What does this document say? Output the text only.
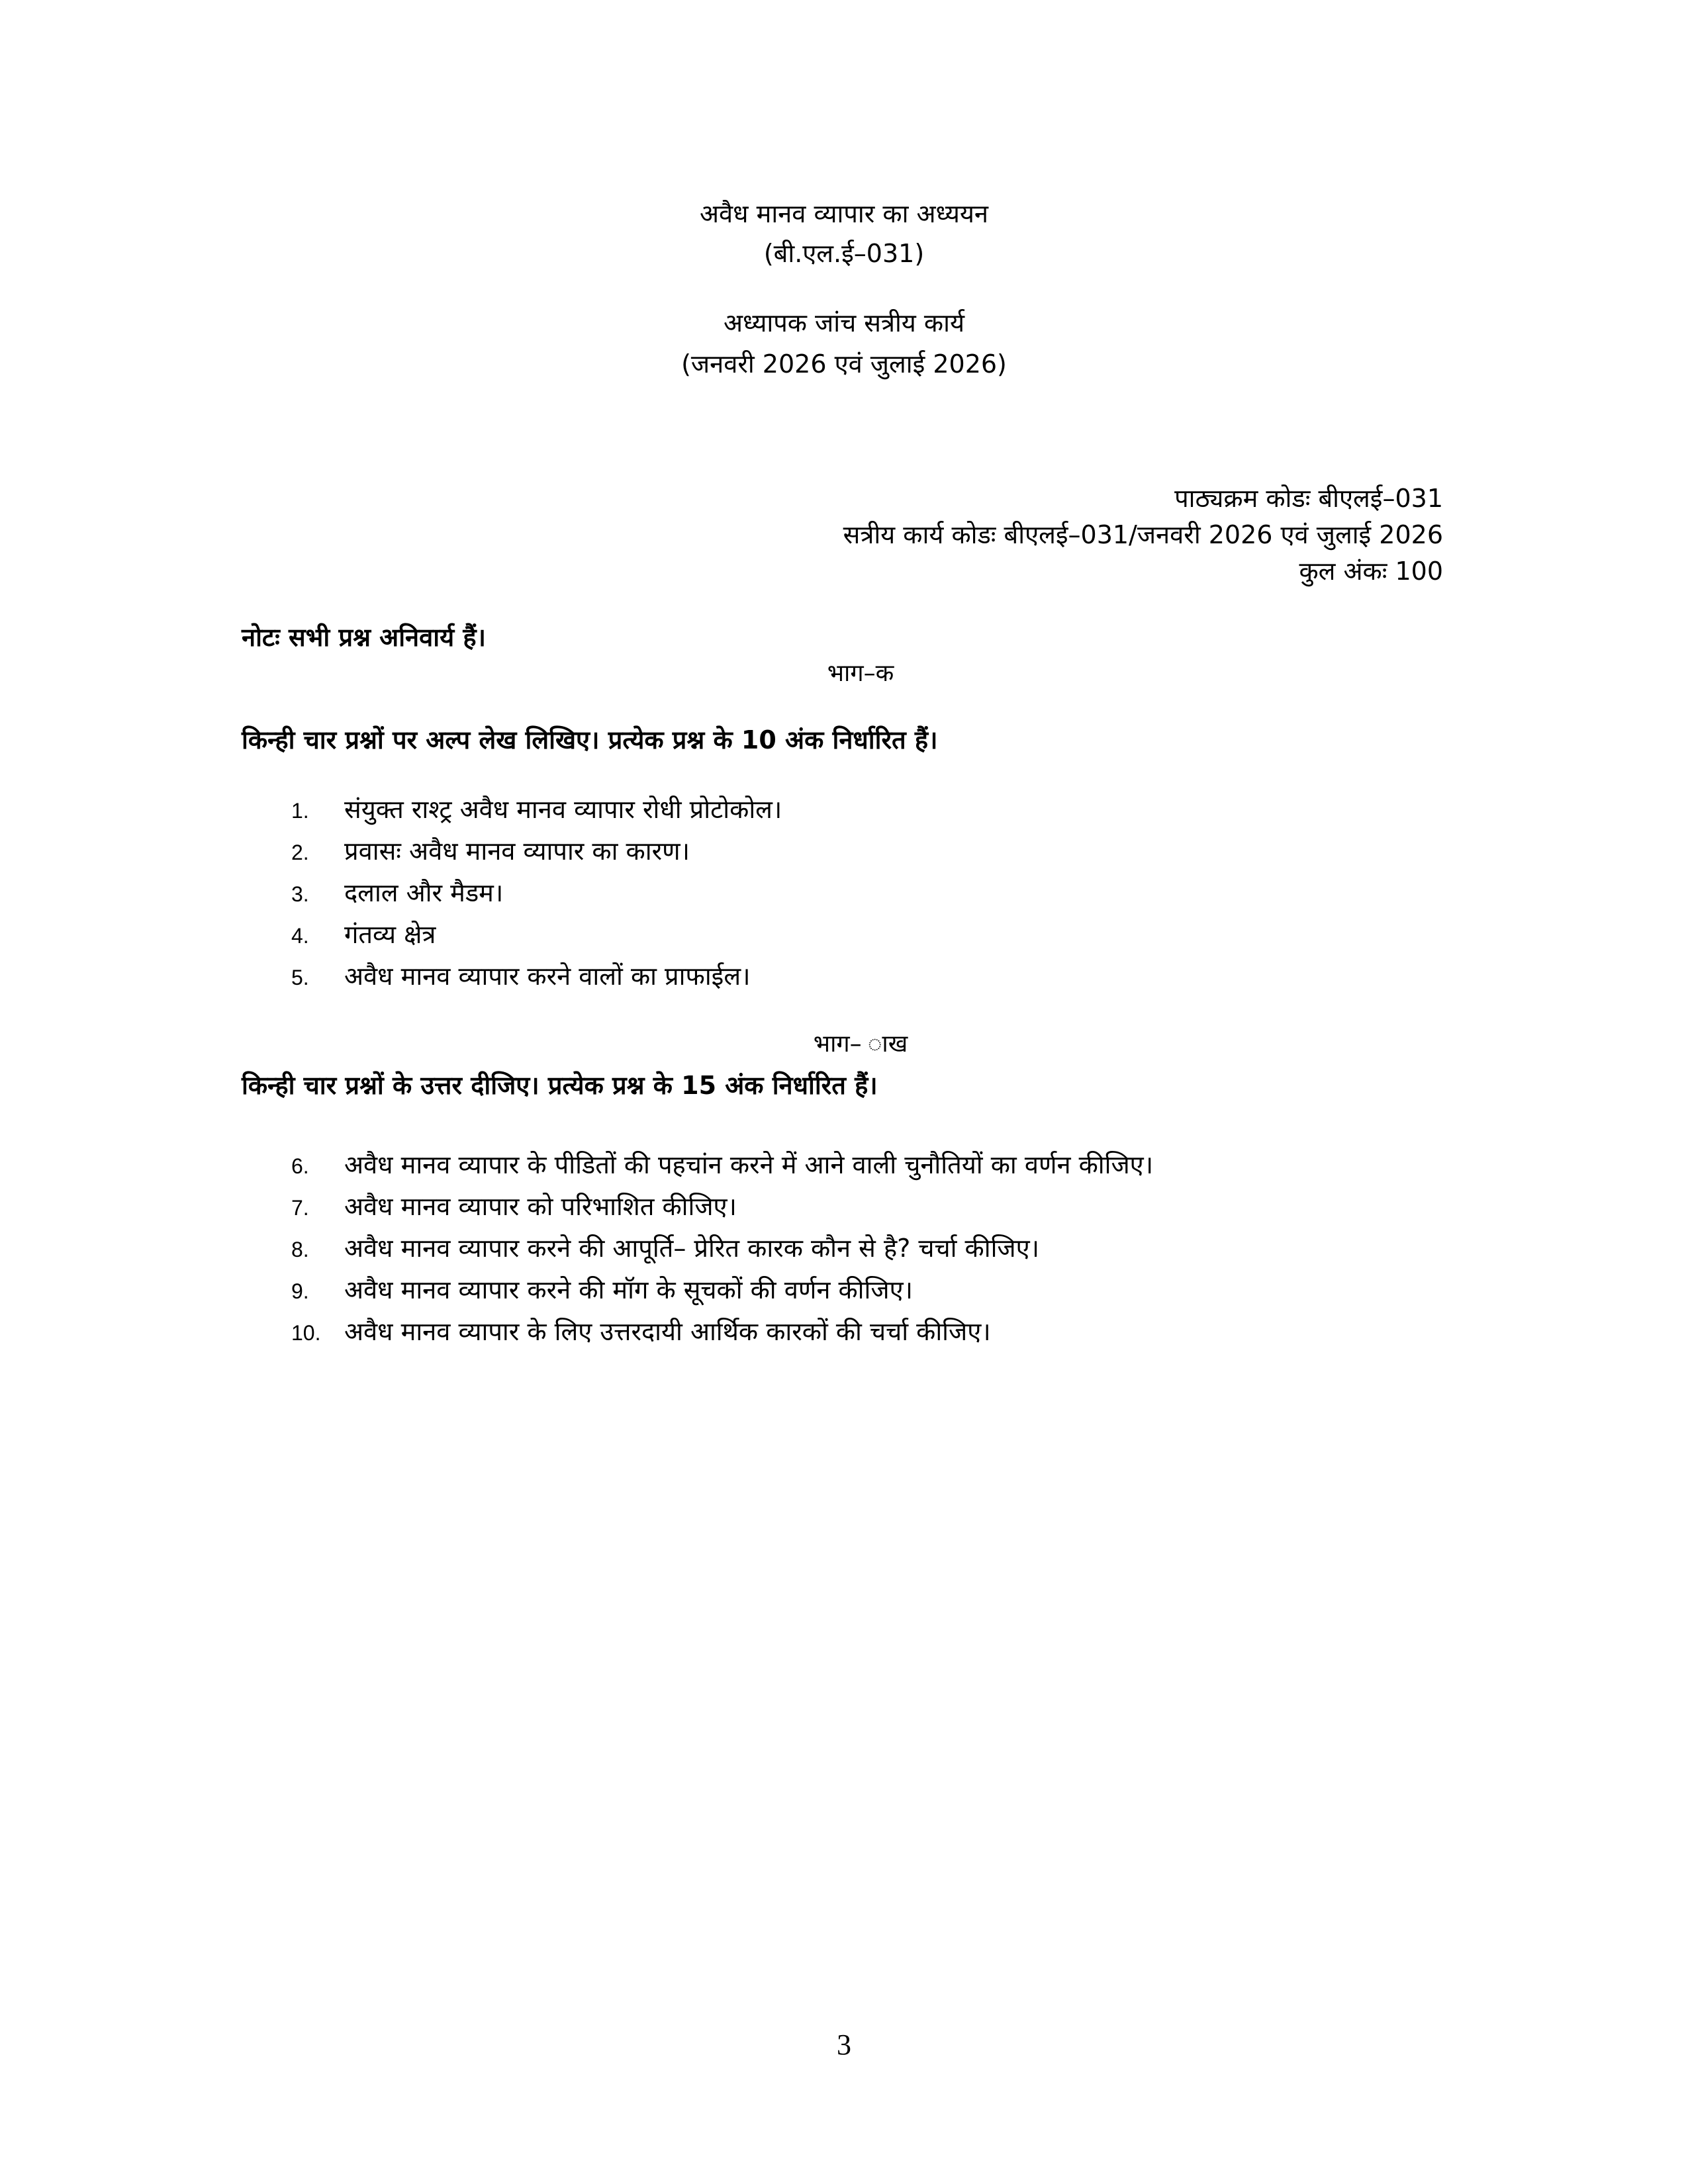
अवैध मानव व्यापार का अध्ययन
(बी.एल.ई–031)
अध्यापक जांच सत्रीय कार्य
(जनवरी 2026 एवं जुलाई 2026)
पाठ्यक्रम कोडः बीएलई–031
सत्रीय कार्य कोडः बीएलई–031/जनवरी 2026 एवं जुलाई 2026
कुल अंकः 100
नोटः सभी प्रश्न अनिवार्य हैं।
भाग–क
किन्ही चार प्रश्नों पर अल्प लेख लिखिए। प्रत्येक प्रश्न के 10 अंक निर्धारित हैं।
1.	संयुक्त राश्ट्र अवैध मानव व्यापार रोधी प्रोटोकोल।
2.	प्रवासः अवैध मानव व्यापार का कारण।
3.	दलाल और मैडम।
4.	गंतव्य क्षेत्र
5.	अवैध मानव व्यापार करने वालों का प्राफाईल।
भाग– ाख
किन्ही चार प्रश्नों के उत्तर दीजिए। प्रत्येक प्रश्न के 15 अंक निर्धारित हैं।
6.	अवैध मानव व्यापार के पीडितों की पहचांन करने में आने वाली चुनौतियों का वर्णन कीजिए।
7.	अवैध मानव व्यापार को परिभाशित कीजिए।
8.	अवैध मानव व्यापार करने की आपूर्ति– प्रेरित कारक कौन से है? चर्चा कीजिए।
9.	अवैध मानव व्यापार करने की मॉग के सूचकों की वर्णन कीजिए।
10. अवैध मानव व्यापार के लिए उत्तरदायी आर्थिक कारकों की चर्चा कीजिए।
3
